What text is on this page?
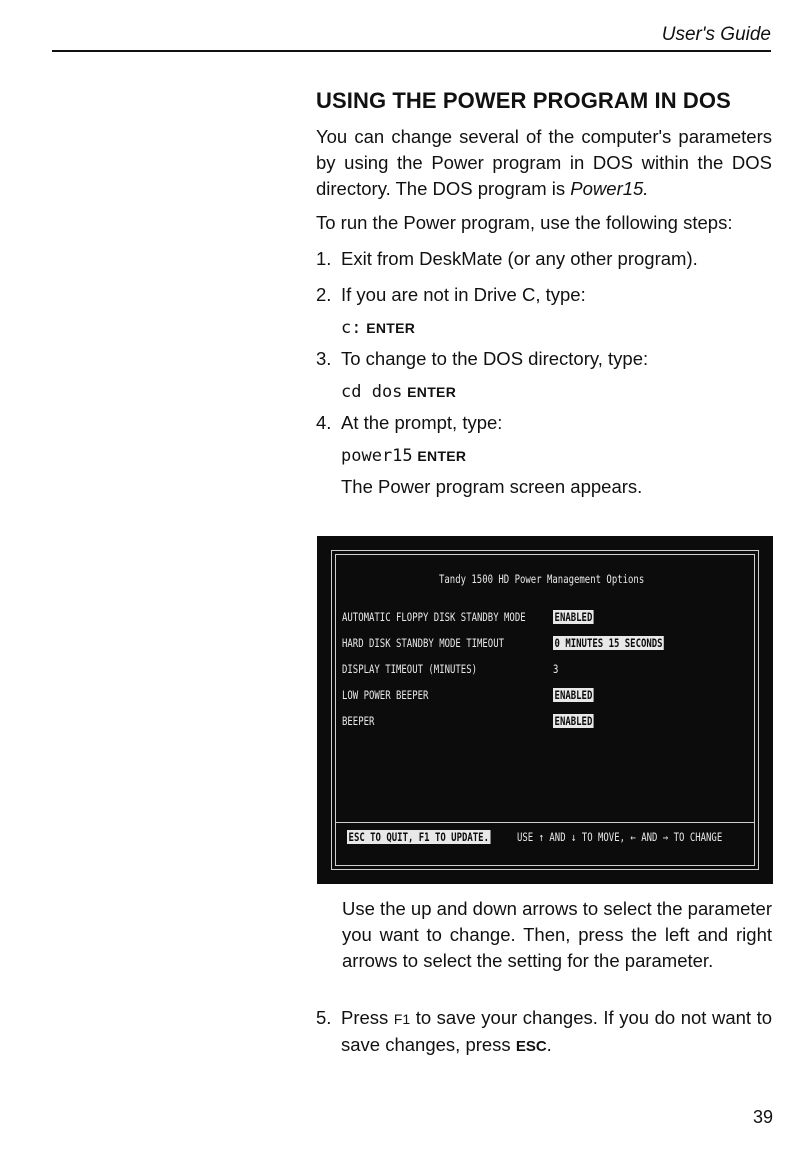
User's Guide
USING THE POWER PROGRAM IN DOS

You can change several of the computer's parameters by using the Power program in DOS within the DOS directory. The DOS program is Power15.

To run the Power program, use the following steps:

1. Exit from DeskMate (or any other program).

2. If you are not in Drive C, type:

c: ENTER
3. To change to the DOS directory, type:

cd dos ENTER
4. At the prompt, type:

power15 ENTER

The Power program screen appears.

Tandy 1500 HD Power Management Options
AUTOMATIC FLOPPY DISK STANDBY MODE	ENABLED
HARD DISK STANDBY MODE TIMEOUT	0 MINUTES 15 SECONDS
DISPLAY TIMEOUT (MINUTES)	3
LOW POWER BEEPER	ENABLED
BEEPER	ENABLED
ESC TO QUIT, F1 TO UPDATE. USE ↑ AND ↓ TO MOVE, ← AND → TO CHANGE

Use the up and down arrows to select the parameter you want to change. Then, press the left and right arrows to select the setting for the parameter.

5. Press F1 to save your changes. If you do not want to save changes, press ESC.

39
